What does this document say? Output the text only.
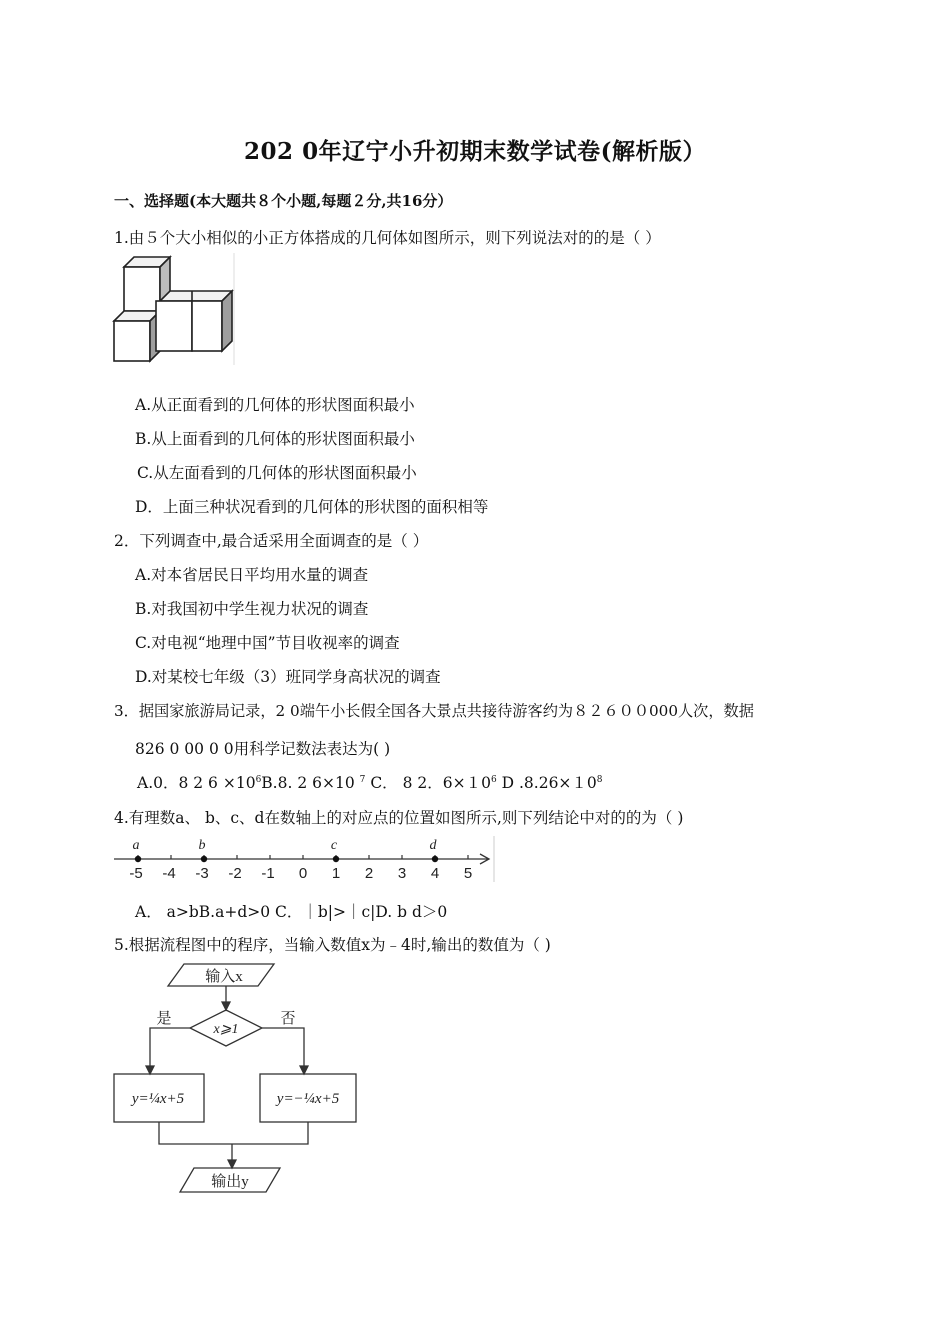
202 0年辽宁小升初期末数学试卷(解析版）
一、选择题(本大题共８个小题,每题２分,共16分）
1.由５个大小相似的小正方体搭成的几何体如图所示，则下列说法对的的是（ ）
A.从正面看到的几何体的形状图面积最小
B.从上面看到的几何体的形状图面积最小
C.从左面看到的几何体的形状图面积最小
D．上面三种状况看到的几何体的形状图的面积相等
2．下列调查中,最合适采用全面调查的是（ ）
A.对本省居民日平均用水量的调查
B.对我国初中学生视力状况的调查
C.对电视“地理中国”节目收视率的调查
D.对某校七年级（3）班同学身高状况的调查
3．据国家旅游局记录，2 0端午小长假全国各大景点共接待游客约为８２６００000人次，数据
826 0 00 0 0用科学记数法表达为( )
A.0．8 2 $6 \times 10^6B.8$. 2 6×10 $^7$ C． 8 2．$6\times 10^6$ D $.8.26\times 10^8$
4.有理数a、 b、c、d在数轴上的对应点的位置如图所示,则下列结论中对的的为（ )
-5 -4 -3 -2 -1 0 1 2 3 4 5
a	b	c	d
A． a>bB.a+d>0 C．｜b|>｜c|D. b d＞0
5.根据流程图中的程序，当输入数值x为﹣4时,输出的数值为（ )
输入x
x⩾1
是	否
y=¼x+5	y=−¼x+5
输出y
